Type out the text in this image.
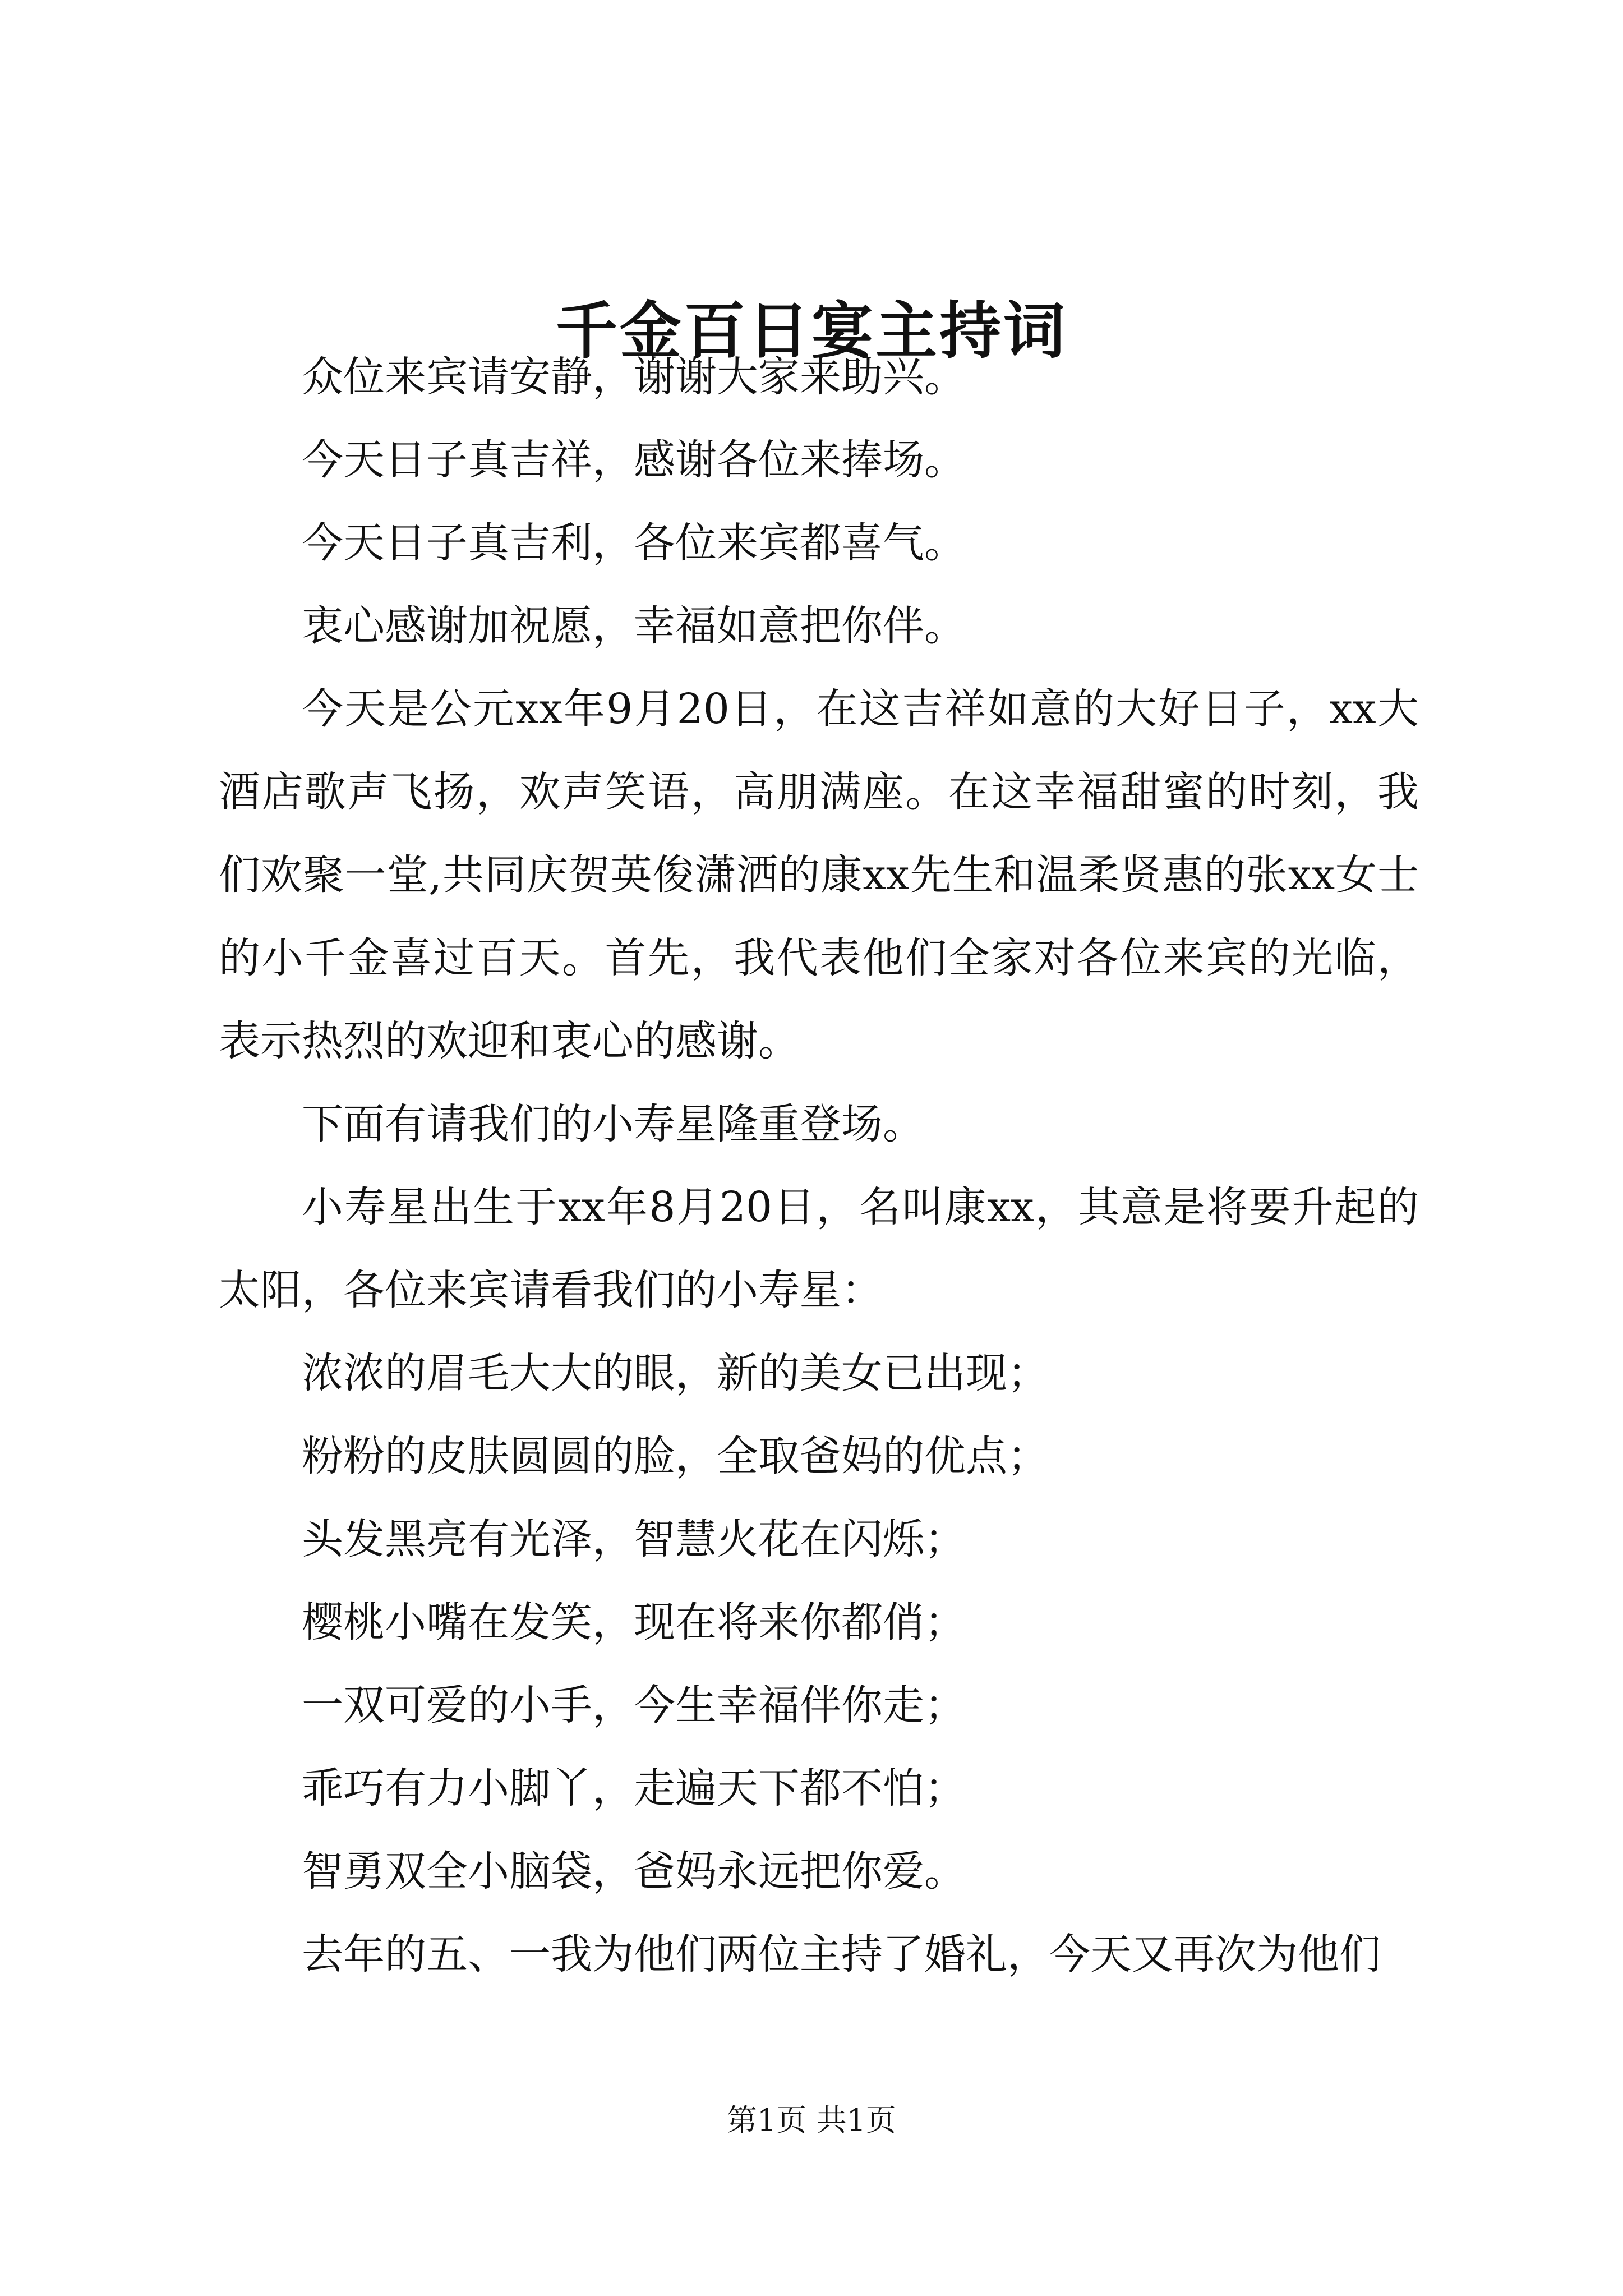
千金百日宴主持词

众位来宾请安静，谢谢大家来助兴。

今天日子真吉祥，感谢各位来捧场。

今天日子真吉利，各位来宾都喜气。

衷心感谢加祝愿，幸福如意把你伴。

今天是公元xx年9月20日，在这吉祥如意的大好日子，xx大酒店歌声飞扬，欢声笑语，高朋满座。在这幸福甜蜜的时刻，我们欢聚一堂,共同庆贺英俊潇洒的康xx先生和温柔贤惠的张xx女士的小千金喜过百天。首先，我代表他们全家对各位来宾的光临，表示热烈的欢迎和衷心的感谢。

下面有请我们的小寿星隆重登场。

小寿星出生于xx年8月20日，名叫康xx，其意是将要升起的太阳，各位来宾请看我们的小寿星：

浓浓的眉毛大大的眼，新的美女已出现；

粉粉的皮肤圆圆的脸，全取爸妈的优点；

头发黑亮有光泽，智慧火花在闪烁；

樱桃小嘴在发笑，现在将来你都俏；

一双可爱的小手，今生幸福伴你走；

乖巧有力小脚丫，走遍天下都不怕；

智勇双全小脑袋，爸妈永远把你爱。

去年的五、一我为他们两位主持了婚礼，今天又再次为他们

第1页 共1页
